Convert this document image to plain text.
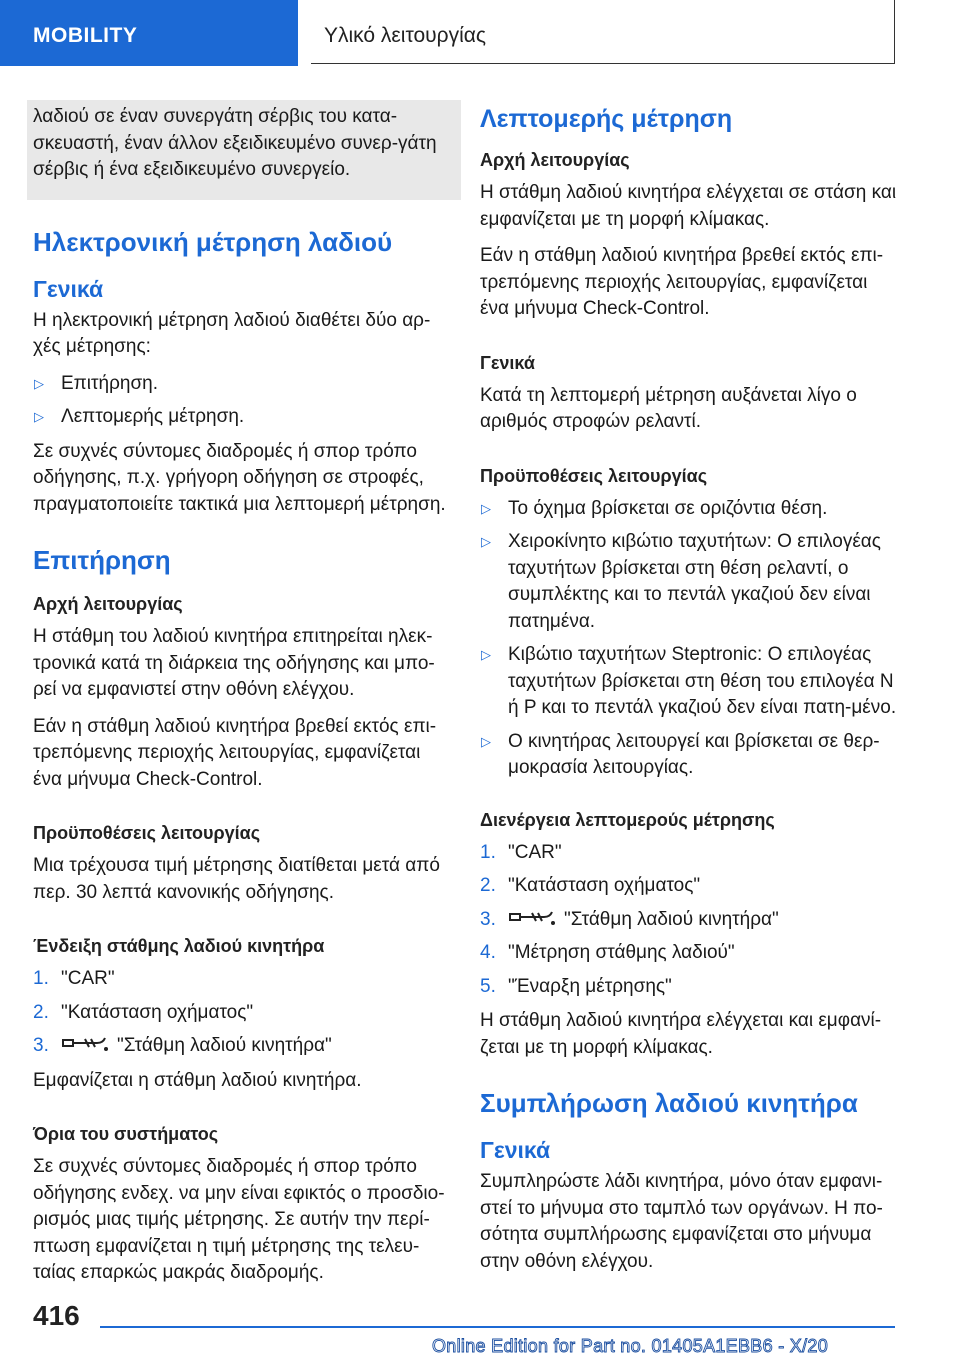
MOBILITY	Υλικό λειτουργίας
λαδιού σε έναν συνεργάτη σέρβις του κατα-σκευαστή, έναν άλλον εξειδικευμένο συνερ-γάτη σέρβις ή ένα εξειδικευμένο συνεργείο.
Ηλεκτρονική μέτρηση λαδιού
Γενικά

Η ηλεκτρονική μέτρηση λαδιού διαθέτει δύο αρ-χές μέτρησης:

▷ Επιτήρηση.
▷ Λεπτομερής μέτρηση.

Σε συχνές σύντομες διαδρομές ή σπορ τρόπο οδήγησης, π.χ. γρήγορη οδήγηση σε στροφές, πραγματοποιείτε τακτικά μια λεπτομερή μέτρηση.

Επιτήρηση
Αρχή λειτουργίας

Η στάθμη του λαδιού κινητήρα επιτηρείται ηλεκ-τρονικά κατά τη διάρκεια της οδήγησης και μπο-ρεί να εμφανιστεί στην οθόνη ελέγχου.

Εάν η στάθμη λαδιού κινητήρα βρεθεί εκτός επι-τρεπόμενης περιοχής λειτουργίας, εμφανίζεται ένα μήνυμα Check-Control.

Προϋποθέσεις λειτουργίας

Μια τρέχουσα τιμή μέτρησης διατίθεται μετά από περ. 30 λεπτά κανονικής οδήγησης.

Ένδειξη στάθμης λαδιού κινητήρα
1. "CAR"
2. "Κατάσταση οχήματος"
3.	"Στάθμη λαδιού κινητήρα"

Εμφανίζεται η στάθμη λαδιού κινητήρα.

Όρια του συστήματος

Σε συχνές σύντομες διαδρομές ή σπορ τρόπο οδήγησης ενδεχ. να μην είναι εφικτός ο προσδιο-ρισμός μιας τιμής μέτρησης. Σε αυτήν την περί-πτωση εμφανίζεται η τιμή μέτρησης της τελευ-ταίας επαρκώς μακράς διαδρομής.

Λεπτομερής μέτρηση
Αρχή λειτουργίας

Η στάθμη λαδιού κινητήρα ελέγχεται σε στάση και εμφανίζεται με τη μορφή κλίμακας.

Εάν η στάθμη λαδιού κινητήρα βρεθεί εκτός επι-τρεπόμενης περιοχής λειτουργίας, εμφανίζεται ένα μήνυμα Check-Control.

Γενικά

Κατά τη λεπτομερή μέτρηση αυξάνεται λίγο ο αριθμός στροφών ρελαντί.

Προϋποθέσεις λειτουργίας
▷ Το όχημα βρίσκεται σε οριζόντια θέση.
▷ Χειροκίνητο κιβώτιο ταχυτήτων: Ο επιλογέας ταχυτήτων βρίσκεται στη θέση ρελαντί, ο συμπλέκτης και το πεντάλ γκαζιού δεν είναι πατημένα.
▷ Κιβώτιο ταχυτήτων Steptronic: Ο επιλογέας ταχυτήτων βρίσκεται στη θέση του επιλογέα N ή P και το πεντάλ γκαζιού δεν είναι πατη-μένο.
▷ Ο κινητήρας λειτουργεί και βρίσκεται σε θερ-μοκρασία λειτουργίας.
Διενέργεια λεπτομερούς μέτρησης
1. "CAR"
2. "Κατάσταση οχήματος"
3.	"Στάθμη λαδιού κινητήρα"
4. "Μέτρηση στάθμης λαδιού"
5. "Έναρξη μέτρησης"

Η στάθμη λαδιού κινητήρα ελέγχεται και εμφανί-ζεται με τη μορφή κλίμακας.

Συμπλήρωση λαδιού κινητήρα
Γενικά

Συμπληρώστε λάδι κινητήρα, μόνο όταν εμφανι-στεί το μήνυμα στο ταμπλό των οργάνων. Η πο-σότητα συμπλήρωσης εμφανίζεται στο μήνυμα στην οθόνη ελέγχου.

416
Online Edition for Part no. 01405A1EBB6 - X/20
